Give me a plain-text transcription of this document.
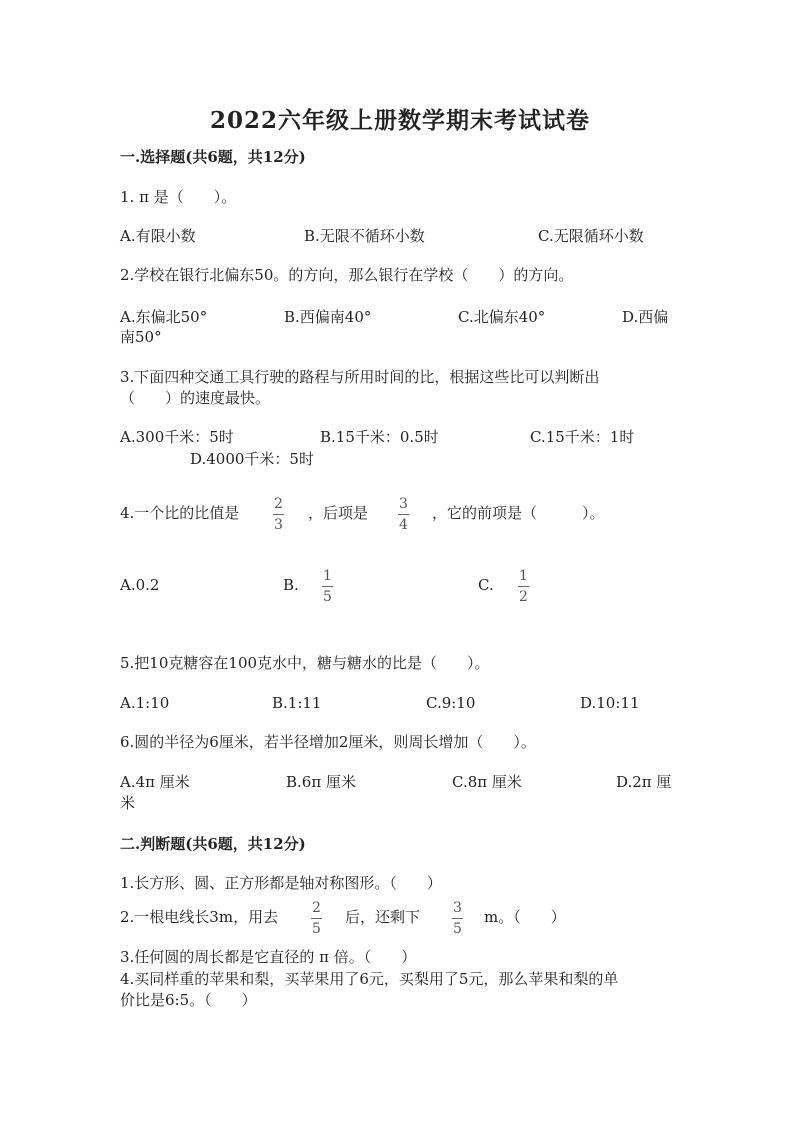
2022六年级上册数学期末考试试卷
一.选择题(共6题，共12分)
1. π 是（　　）。
A.有限小数	B.无限不循环小数	C.无限循环小数
2.学校在银行北偏东50。的方向，那么银行在学校（　　）的方向。
A.东偏北50°	B.西偏南40°	C.北偏东40°	D.西偏
南50°
3.下面四种交通工具行驶的路程与所用时间的比，根据这些比可以判断出
（　　）的速度最快。
A.300千米：5时	B.15千米：0.5时	C.15千米：1时
D.4000千米：5时
4.一个比的比值是 2
3
，后项是 3
4
，它的前项是（　　　）。
A.0.2	B. 1
5
C. 1
2
5.把10克糖容在100克水中，糖与糖水的比是（　　）。
A.1:10	B.1:11	C.9:10	D.10:11
6.圆的半径为6厘米，若半径增加2厘米，则周长增加（　　）。
A.4π 厘米	B.6π 厘米	C.8π 厘米	D.2π 厘
米
二.判断题(共6题，共12分)
1.长方形、圆、正方形都是轴对称图形。（　　）
2.一根电线长3m，用去 2
5
后，还剩下 3
5
m。（　　）
3.任何圆的周长都是它直径的 π 倍。（　　）
4.买同样重的苹果和梨，买苹果用了6元，买梨用了5元，那么苹果和梨的单
价比是6:5。（　　）
